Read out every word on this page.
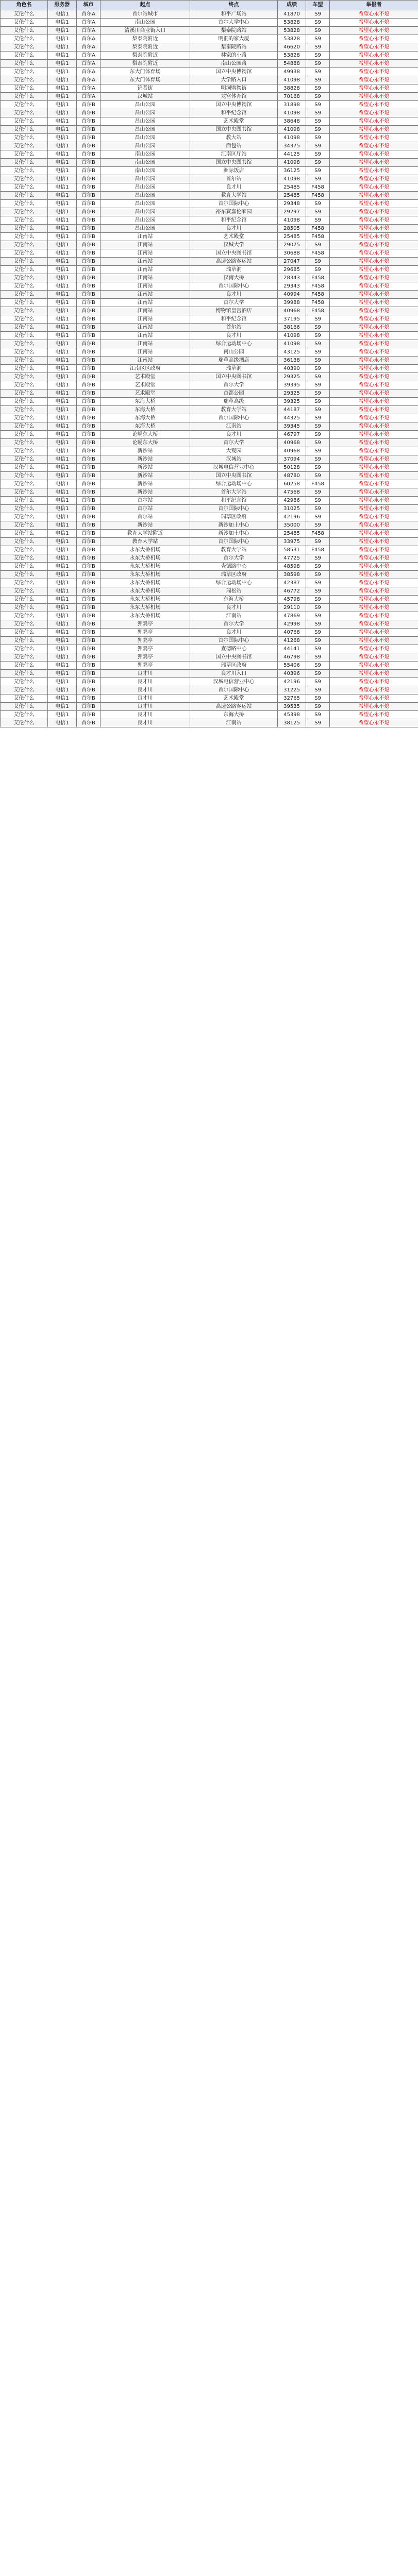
角色名	服务器	城市	起点	终点	成绩	车型	举报者
艾伦什么	电信1	首尔A	首尔站城市	和平广场站	41870	S9	希望心永不熄
艾伦什么	电信1	首尔A	南山公园	首尔大学中心	53828	S9	希望心永不熄
艾伦什么	电信1	首尔A	清溪川商业街入口	梨泰院路站	53828	S9	希望心永不熄
艾伦什么	电信1	首尔A	梨泰院附近	明洞的家大厦	53828	S9	希望心永不熄
艾伦什么	电信1	首尔A	梨泰院附近	梨泰院路站	46620	S9	希望心永不熄
艾伦什么	电信1	首尔A	梨泰院附近	林家的小路	53828	S9	希望心永不熄
艾伦什么	电信1	首尔A	梨泰院附近	南山公园路	54888	S9	希望心永不熄
艾伦什么	电信1	首尔A	东大门体育场	国立中央博物馆	49938	S9	希望心永不熄
艾伦什么	电信1	首尔A	东大门体育场	大学路入口	41098	S9	希望心永不熄
艾伦什么	电信1	首尔A	锦者街	明洞购物街	38828	S9	希望心永不熄
艾伦什么	电信1	首尔A	汉城站	龙宫体育馆	70168	S9	希望心永不熄
艾伦什么	电信1	首尔B	昌山公园	国立中央博物馆	31898	S9	希望心永不熄
艾伦什么	电信1	首尔B	昌山公园	和平纪念馆	41098	S9	希望心永不熄
艾伦什么	电信1	首尔B	昌山公园	艺术殿堂	38648	S9	希望心永不熄
艾伦什么	电信1	首尔B	昌山公园	国立中央图书馆	41098	S9	希望心永不熄
艾伦什么	电信1	首尔B	昌山公园	教大站	41098	S9	希望心永不熄
艾伦什么	电信1	首尔B	昌山公园	面包站	34375	S9	希望心永不熄
艾伦什么	电信1	首尔B	南山公园	江南区厅站	44125	S9	希望心永不熄
艾伦什么	电信1	首尔B	南山公园	国立中央图书馆	41098	S9	希望心永不熄
艾伦什么	电信1	首尔B	南山公园	洲际饭店	36125	S9	希望心永不熄
艾伦什么	电信1	首尔B	昌山公园	首尔站	41098	S9	希望心永不熄
艾伦什么	电信1	首尔B	昌山公园	良才川	25485	F458	希望心永不熄
艾伦什么	电信1	首尔B	昌山公园	教育大学站	25485	F458	希望心永不熄
艾伦什么	电信1	首尔B	昌山公园	首尔国际中心	29348	S9	希望心永不熄
艾伦什么	电信1	首尔B	昌山公园	裕东赛嘉伦家园	29297	S9	希望心永不熄
艾伦什么	电信1	首尔B	昌山公园	和平纪念馆	41098	S9	希望心永不熄
艾伦什么	电信1	首尔B	昌山公园	良才川	28505	F458	希望心永不熄
艾伦什么	电信1	首尔B	江南站	艺术殿堂	25485	F458	希望心永不熄
艾伦什么	电信1	首尔B	江南站	汉城大学	29075	S9	希望心永不熄
艾伦什么	电信1	首尔B	江南站	国立中央图书馆	30688	F458	希望心永不熄
艾伦什么	电信1	首尔B	江南站	高速公路客运站	27047	S9	希望心永不熄
艾伦什么	电信1	首尔B	江南站	瑞草洞	29685	S9	希望心永不熄
艾伦什么	电信1	首尔B	江南站	汉南大桥	28343	F458	希望心永不熄
艾伦什么	电信1	首尔B	江南站	首尔国际中心	29343	F458	希望心永不熄
艾伦什么	电信1	首尔B	江南站	良才川	40994	F458	希望心永不熄
艾伦什么	电信1	首尔B	江南站	首尔大学	39988	F458	希望心永不熄
艾伦什么	电信1	首尔B	江南站	博物馆皇宫酒店	40968	F458	希望心永不熄
艾伦什么	电信1	首尔B	江南站	和平纪念馆	37195	S9	希望心永不熄
艾伦什么	电信1	首尔B	江南站	首尔站	38166	S9	希望心永不熄
艾伦什么	电信1	首尔B	江南站	良才川	41098	S9	希望心永不熄
艾伦什么	电信1	首尔B	江南站	综合运动场中心	41098	S9	希望心永不熄
艾伦什么	电信1	首尔B	江南站	南山公园	43125	S9	希望心永不熄
艾伦什么	电信1	首尔B	江南站	瑞草高级酒店	36138	S9	希望心永不熄
艾伦什么	电信1	首尔B	江南区区政府	瑞草洞	40390	S9	希望心永不熄
艾伦什么	电信1	首尔B	艺术殿堂	国立中央图书馆	29325	S9	希望心永不熄
艾伦什么	电信1	首尔B	艺术殿堂	首尔大学	39395	S9	希望心永不熄
艾伦什么	电信1	首尔B	艺术殿堂	首都公园	29325	S9	希望心永不熄
艾伦什么	电信1	首尔B	东海大桥	瑞草高级	39325	S9	希望心永不熄
艾伦什么	电信1	首尔B	东海大桥	教育大学站	44187	S9	希望心永不熄
艾伦什么	电信1	首尔B	东海大桥	首尔国际中心	44325	S9	希望心永不熄
艾伦什么	电信1	首尔B	东海大桥	江南站	39345	S9	希望心永不熄
艾伦什么	电信1	首尔B	论岘东大桥	良才川	46797	S9	希望心永不熄
艾伦什么	电信1	首尔B	论岘东大桥	首尔大学	40968	S9	希望心永不熄
艾伦什么	电信1	首尔B	新沙站	大观园	40968	S9	希望心永不熄
艾伦什么	电信1	首尔B	新沙站	汉城站	37094	S9	希望心永不熄
艾伦什么	电信1	首尔B	新沙站	汉城电信营业中心	50128	S9	希望心永不熄
艾伦什么	电信1	首尔B	新沙站	国立中央图书馆	48780	S9	希望心永不熄
艾伦什么	电信1	首尔B	新沙站	综合运动场中心	60258	F458	希望心永不熄
艾伦什么	电信1	首尔B	新沙站	首尔大学站	47568	S9	希望心永不熄
艾伦什么	电信1	首尔B	首尔站	和平纪念馆	42986	S9	希望心永不熄
艾伦什么	电信1	首尔B	首尔站	首尔国际中心	31025	S9	希望心永不熄
艾伦什么	电信1	首尔B	首尔站	瑞草区政府	42196	S9	希望心永不熄
艾伦什么	电信1	首尔B	新沙站	新沙加土中心	35000	S9	希望心永不熄
艾伦什么	电信1	首尔B	教育大学站附近	新沙加土中心	25485	F458	希望心永不熄
艾伦什么	电信1	首尔B	教育大学站	首尔国际中心	33975	S9	希望心永不熄
艾伦什么	电信1	首尔B	永东大桥机场	教育大学站	58531	F458	希望心永不熄
艾伦什么	电信1	首尔B	永东大桥机场	首尔大学	47725	S9	希望心永不熄
艾伦什么	电信1	首尔B	永东大桥机场	查德路中心	48598	S9	希望心永不熄
艾伦什么	电信1	首尔B	永东大桥机场	瑞草区政府	38598	S9	希望心永不熄
艾伦什么	电信1	首尔B	永东大桥机场	综合运动场中心	42387	S9	希望心永不熄
艾伦什么	电信1	首尔B	永东大桥机场	瑞松站	46772	S9	希望心永不熄
艾伦什么	电信1	首尔B	永东大桥机场	东海大桥	45798	S9	希望心永不熄
艾伦什么	电信1	首尔B	永东大桥机场	良才川	29110	S9	希望心永不熄
艾伦什么	电信1	首尔B	永东大桥机场	江南站	47869	S9	希望心永不熄
艾伦什么	电信1	首尔B	狎鸥亭	首尔大学	42998	S9	希望心永不熄
艾伦什么	电信1	首尔B	狎鸥亭	良才川	40768	S9	希望心永不熄
艾伦什么	电信1	首尔B	狎鸥亭	首尔国际中心	41268	S9	希望心永不熄
艾伦什么	电信1	首尔B	狎鸥亭	查德路中心	44141	S9	希望心永不熄
艾伦什么	电信1	首尔B	狎鸥亭	国立中央图书馆	46798	S9	希望心永不熄
艾伦什么	电信1	首尔B	狎鸥亭	瑞草区政府	55406	S9	希望心永不熄
艾伦什么	电信1	首尔B	良才川	良才川入口	40396	S9	希望心永不熄
艾伦什么	电信1	首尔B	良才川	汉城电信营业中心	42196	S9	希望心永不熄
艾伦什么	电信1	首尔B	良才川	首尔国际中心	31225	S9	希望心永不熄
艾伦什么	电信1	首尔B	良才川	艺术殿堂	32765	S9	希望心永不熄
艾伦什么	电信1	首尔B	良才川	高速公路客运站	39535	S9	希望心永不熄
艾伦什么	电信1	首尔B	良才川	东海大桥	45398	S9	希望心永不熄
艾伦什么	电信1	首尔B	良才川	江南站	38125	S9	希望心永不熄
